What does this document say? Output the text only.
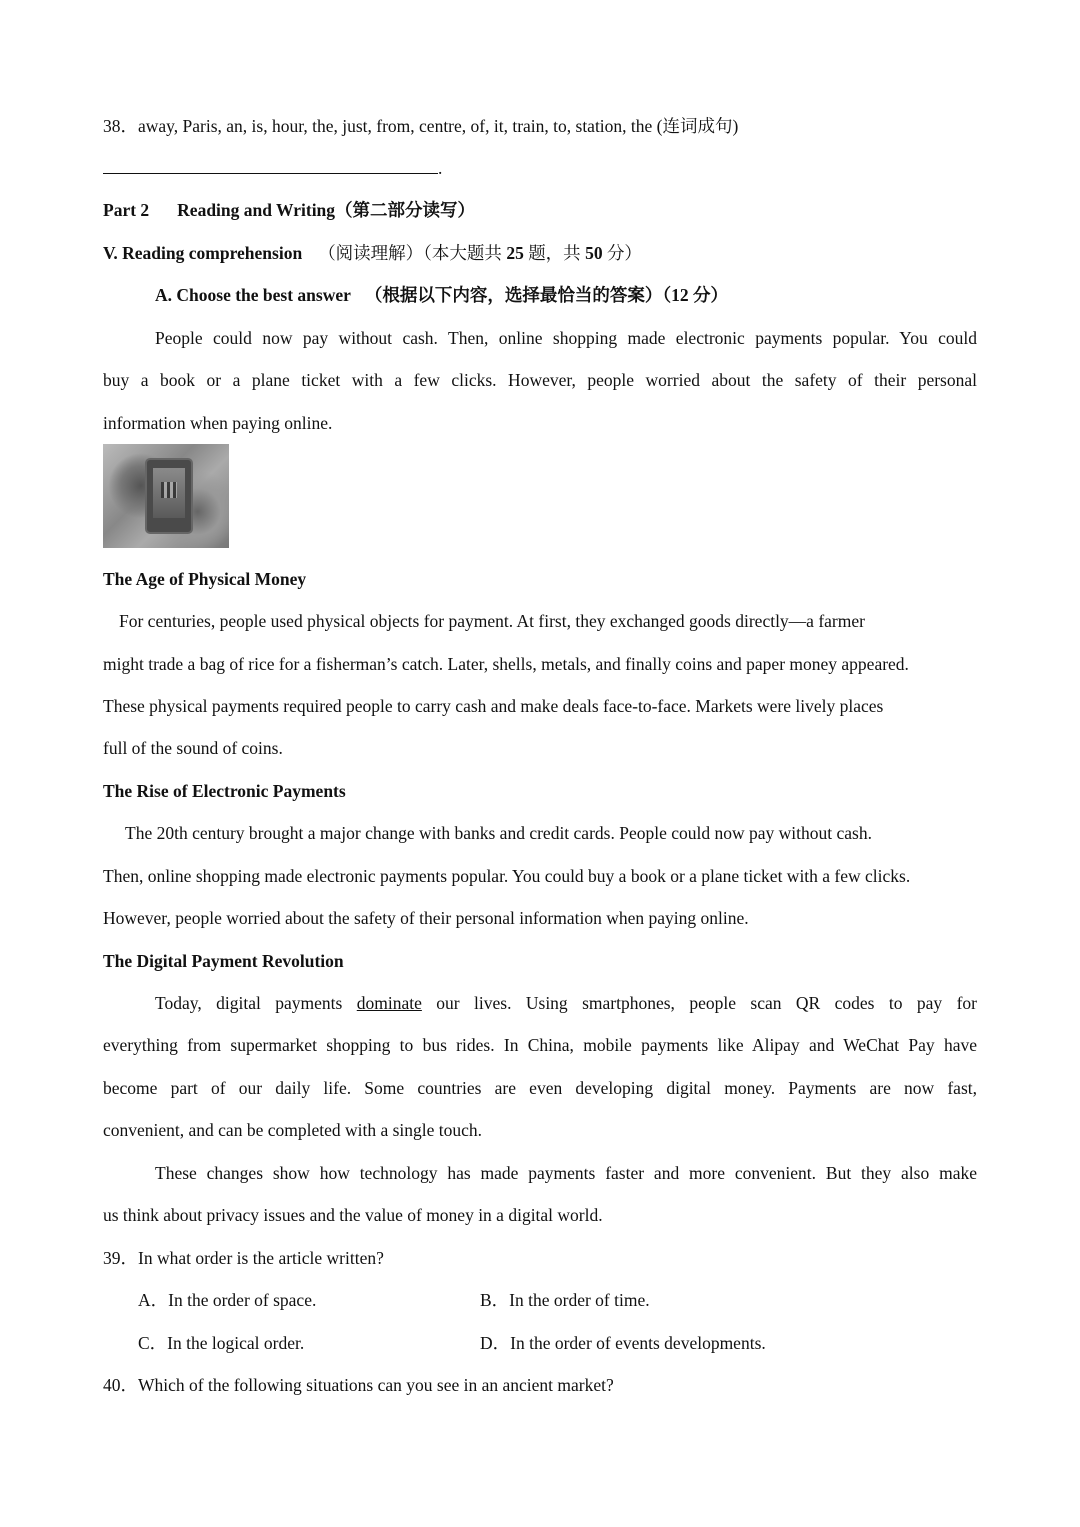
38．away, Paris, an, is, hour, the, just, from, centre, of, it, train, to, station, the (连词成句)
.
Part 2 Reading and Writing（第二部分读写）
V. Reading comprehension （阅读理解）（本大题共 25 题，共 50 分）
A. Choose the best answer （根据以下内容，选择最恰当的答案）（12 分）
People could now pay without cash. Then, online shopping made electronic payments popular. You could
buy a book or a plane ticket with a few clicks. However, people worried about the safety of their personal
information when paying online.
The Age of Physical Money
For centuries, people used physical objects for payment. At first, they exchanged goods directly—a farmer
might trade a bag of rice for a fisherman’s catch. Later, shells, metals, and finally coins and paper money appeared.
These physical payments required people to carry cash and make deals face-to-face. Markets were lively places
full of the sound of coins.
The Rise of Electronic Payments
The 20th century brought a major change with banks and credit cards. People could now pay without cash.
Then, online shopping made electronic payments popular. You could buy a book or a plane ticket with a few clicks.
However, people worried about the safety of their personal information when paying online.
The Digital Payment Revolution
Today, digital payments dominate our lives. Using smartphones, people scan QR codes to pay for
everything from supermarket shopping to bus rides. In China, mobile payments like Alipay and WeChat Pay have
become part of our daily life. Some countries are even developing digital money. Payments are now fast,
convenient, and can be completed with a single touch.
These changes show how technology has made payments faster and more convenient. But they also make
us think about privacy issues and the value of money in a digital world.
39．In what order is the article written?
A．In the order of space.	B．In the order of time.
C．In the logical order.	D．In the order of events developments.
40．Which of the following situations can you see in an ancient market?
